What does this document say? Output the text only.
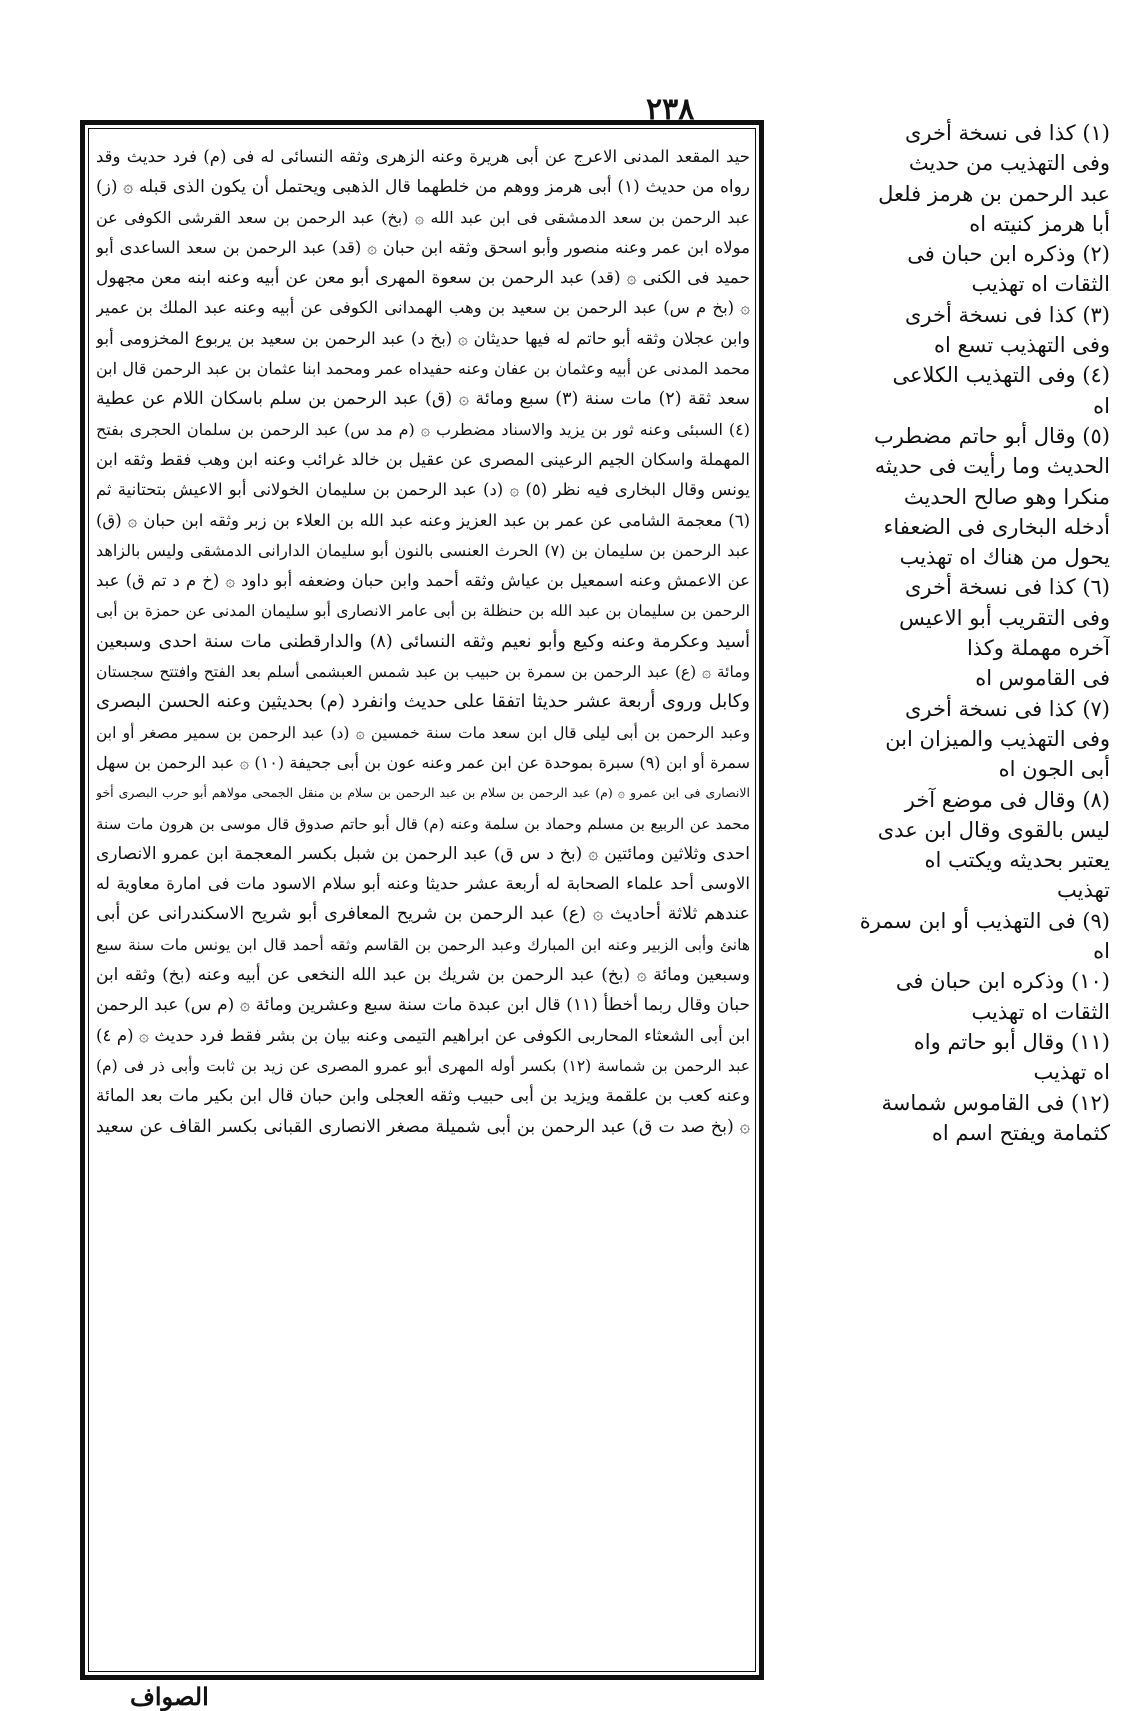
٢٣٨
حيد المقعد المدنى الاعرج عن أبى هريرة وعنه الزهرى وثقه النسائى له فى (م) فرد حديث وقد
رواه من حديث (١) أبى هرمز ووهم من خلطهما قال الذهبى ويحتمل أن يكون الذى قبله ۞ (ز)
عبد الرحمن بن سعد الدمشقى فى ابن عبد الله ۞ (بخ) عبد الرحمن بن سعد القرشى الكوفى عن
مولاه ابن عمر وعنه منصور وأبو اسحق وثقه ابن حبان ۞ (قد) عبد الرحمن بن سعد الساعدى أبو
حميد فى الكنى ۞ (قد) عبد الرحمن بن سعوة المهرى أبو معن عن أبيه وعنه ابنه معن مجهول
۞ (بخ م س) عبد الرحمن بن سعيد بن وهب الهمدانى الكوفى عن أبيه وعنه عبد الملك بن عمير
وابن عجلان وثقه أبو حاتم له فيها حديثان ۞ (بخ د) عبد الرحمن بن سعيد بن يربوع المخزومى أبو
محمد المدنى عن أبيه وعثمان بن عفان وعنه حفيداه عمر ومحمد ابنا عثمان بن عبد الرحمن قال ابن
سعد ثقة (٢) مات سنة (٣) سبع ومائة ۞ (ق) عبد الرحمن بن سلم باسكان اللام عن عطية
(٤) السبئى وعنه ثور بن يزيد والاسناد مضطرب ۞ (م مد س) عبد الرحمن بن سلمان الحجرى بفتح
المهملة واسكان الجيم الرعينى المصرى عن عقيل بن خالد غرائب وعنه ابن وهب فقط وثقه ابن
يونس وقال البخارى فيه نظر (٥) ۞ (د) عبد الرحمن بن سليمان الخولانى أبو الاعيش بتحتانية ثم
(٦) معجمة الشامى عن عمر بن عبد العزيز وعنه عبد الله بن العلاء بن زبر وثقه ابن حبان ۞ (ق)
عبد الرحمن بن سليمان بن (٧) الحرث العنسى بالنون أبو سليمان الدارانى الدمشقى وليس بالزاهد
عن الاعمش وعنه اسمعيل بن عياش وثقه أحمد وابن حبان وضعفه أبو داود ۞ (خ م د تم ق) عبد
الرحمن بن سليمان بن عبد الله بن حنظلة بن أبى عامر الانصارى أبو سليمان المدنى عن حمزة بن أبى
أسيد وعكرمة وعنه وكيع وأبو نعيم وثقه النسائى (٨) والدارقطنى مات سنة احدى وسبعين
ومائة ۞ (ع) عبد الرحمن بن سمرة بن حبيب بن عبد شمس العبشمى أسلم بعد الفتح وافتتح سجستان
وكابل وروى أربعة عشر حديثا اتفقا على حديث وانفرد (م) بحديثين وعنه الحسن البصرى
وعبد الرحمن بن أبى ليلى قال ابن سعد مات سنة خمسين ۞ (د) عبد الرحمن بن سمير مصغر أو ابن
سمرة أو ابن (٩) سبرة بموحدة عن ابن عمر وعنه عون بن أبى جحيفة (١٠) ۞ عبد الرحمن بن سهل
الانصارى فى ابن عمرو ۞ (م) عبد الرحمن بن سلام بن عبد الرحمن بن سلام بن منقل الجمحى مولاهم أبو حرب البصرى أخو
محمد عن الربيع بن مسلم وحماد بن سلمة وعنه (م) قال أبو حاتم صدوق قال موسى بن هرون مات سنة
احدى وثلاثين ومائتين ۞ (بخ د س ق) عبد الرحمن بن شبل بكسر المعجمة ابن عمرو الانصارى
الاوسى أحد علماء الصحابة له أربعة عشر حديثا وعنه أبو سلام الاسود مات فى امارة معاوية له
عندهم ثلاثة أحاديث ۞ (ع) عبد الرحمن بن شريح المعافرى أبو شريح الاسكندرانى عن أبى
هانئ وأبى الزبير وعنه ابن المبارك وعبد الرحمن بن القاسم وثقه أحمد قال ابن يونس مات سنة سبع
وسبعين ومائة ۞ (بخ) عبد الرحمن بن شريك بن عبد الله النخعى عن أبيه وعنه (بخ) وثقه ابن
حبان وقال ربما أخطأ (١١) قال ابن عبدة مات سنة سبع وعشرين ومائة ۞ (م س) عبد الرحمن
ابن أبى الشعثاء المحاربى الكوفى عن ابراهيم التيمى وعنه بيان بن بشر فقط فرد حديث ۞ (م ٤)
عبد الرحمن بن شماسة (١٢) بكسر أوله المهرى أبو عمرو المصرى عن زيد بن ثابت وأبى ذر فى (م)
وعنه كعب بن علقمة ويزيد بن أبى حبيب وثقه العجلى وابن حبان قال ابن بكير مات بعد المائة
۞ (بخ صد ت ق) عبد الرحمن بن أبى شميلة مصغر الانصارى القبانى بكسر القاف عن سعيد
(١) كذا فى نسخة أخرى
وفى التهذيب من حديث
عبد الرحمن بن هرمز فلعل
أبا هرمز كنيته اه
(٢) وذكره ابن حبان فى
الثقات اه تهذيب
(٣) كذا فى نسخة أخرى
وفى التهذيب تسع اه
(٤) وفى التهذيب الكلاعى
اه
(٥) وقال أبو حاتم مضطرب
الحديث وما رأيت فى حديثه
منكرا وهو صالح الحديث
أدخله البخارى فى الضعفاء
يحول من هناك اه تهذيب
(٦) كذا فى نسخة أخرى
وفى التقريب أبو الاعيس
آخره مهملة وكذا
فى القاموس اه
(٧) كذا فى نسخة أخرى
وفى التهذيب والميزان ابن
أبى الجون اه
(٨) وقال فى موضع آخر
ليس بالقوى وقال ابن عدى
يعتبر بحديثه ويكتب اه
تهذيب
(٩) فى التهذيب أو ابن سمرة
اه
(١٠) وذكره ابن حبان فى
الثقات اه تهذيب
(١١) وقال أبو حاتم واه
اه تهذيب
(١٢) فى القاموس شماسة
كثمامة ويفتح اسم اه
الصواف
